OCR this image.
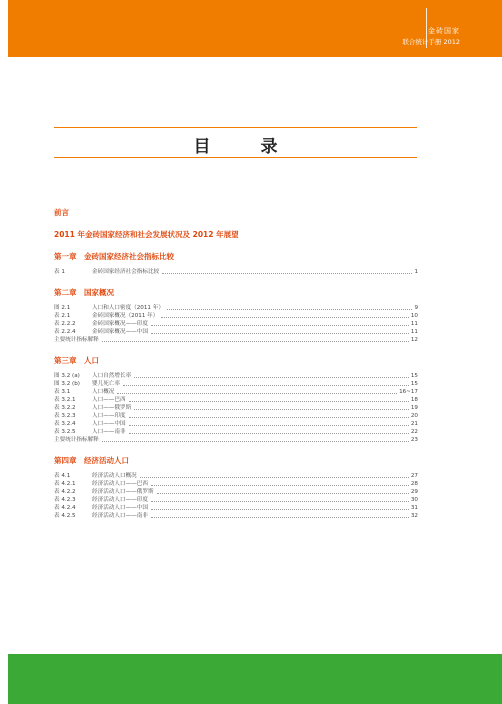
金砖国家
联合统计手册 2012
目 录
前言
2011 年金砖国家经济和社会发展状况及 2012 年展望
第一章　金砖国家经济社会指标比较
表 1	金砖国家经济社会指标比较	1
第二章　国家概况
图 2.1	人口和人口密度（2011 年）	9
表 2.1	金砖国家概况（2011 年）	10
表 2.2.2	金砖国家概况——印度	11
表 2.2.4	金砖国家概况——中国	11
主要统计指标解释	12
第三章　人口
图 3.2 (a)	人口自然增长率	15
图 3.2 (b)	婴儿死亡率	15
表 3.1	人口概况	16~17
表 3.2.1	人口——巴西	18
表 3.2.2	人口——俄罗斯	19
表 3.2.3	人口——印度	20
表 3.2.4	人口——中国	21
表 3.2.5	人口——南非	22
主要统计指标解释	23
第四章　经济活动人口
表 4.1	经济活动人口概况	27
表 4.2.1	经济活动人口——巴西	28
表 4.2.2	经济活动人口——俄罗斯	29
表 4.2.3	经济活动人口——印度	30
表 4.2.4	经济活动人口——中国	31
表 4.2.5	经济活动人口——南非	32
